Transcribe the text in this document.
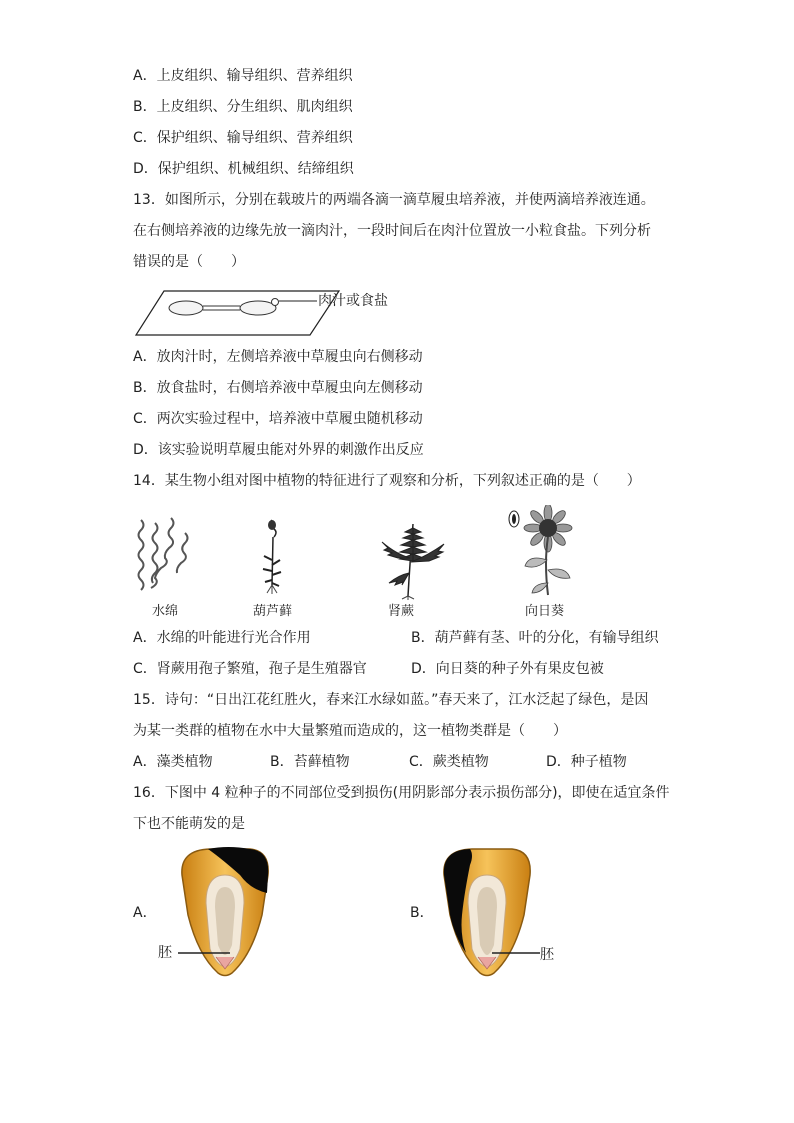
A．上皮组织、输导组织、营养组织
B．上皮组织、分生组织、肌肉组织
C．保护组织、输导组织、营养组织
D．保护组织、机械组织、结缔组织
13．如图所示，分别在载玻片的两端各滴一滴草履虫培养液，并使两滴培养液连通。
在右侧培养液的边缘先放一滴肉汁，一段时间后在肉汁位置放一小粒食盐。下列分析
错误的是（　　）
肉汁或食盐
A．放肉汁时，左侧培养液中草履虫向右侧移动
B．放食盐时，右侧培养液中草履虫向左侧移动
C．两次实验过程中，培养液中草履虫随机移动
D．该实验说明草履虫能对外界的刺激作出反应
14．某生物小组对图中植物的特征进行了观察和分析，下列叙述正确的是（　　）
水绵	葫芦藓	肾蕨	向日葵
A．水绵的叶能进行光合作用	B．葫芦藓有茎、叶的分化，有输导组织
C．肾蕨用孢子繁殖，孢子是生殖器官	D．向日葵的种子外有果皮包被
15．诗句：“日出江花红胜火，春来江水绿如蓝。”春天来了，江水泛起了绿色，是因
为某一类群的植物在水中大量繁殖而造成的，这一植物类群是（　　）
A．藻类植物	B．苔藓植物	C．蕨类植物	D．种子植物
16．下图中 4 粒种子的不同部位受到损伤(用阴影部分表示损伤部分)，即使在适宜条件
下也不能萌发的是
A．
胚
B．
胚
